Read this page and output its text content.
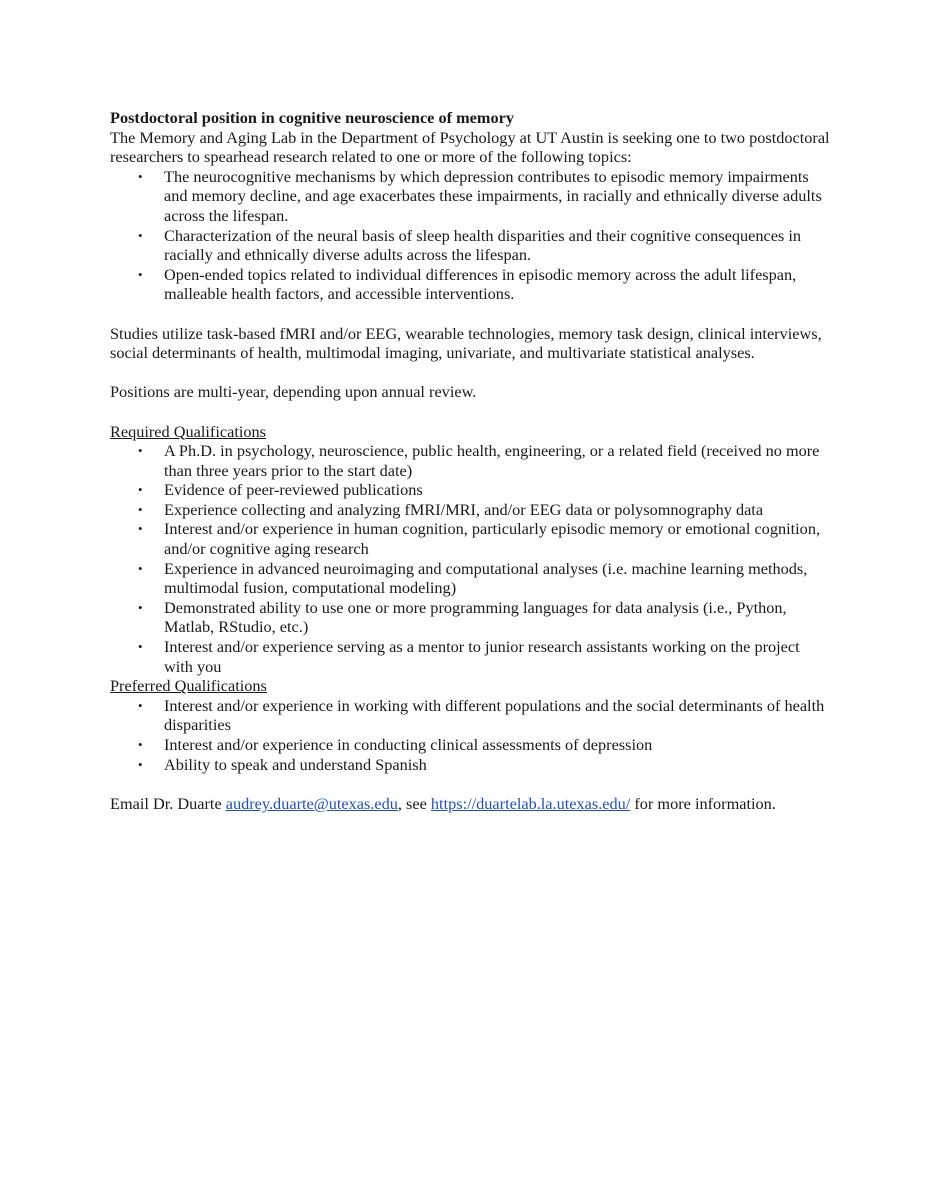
Postdoctoral position in cognitive neuroscience of memory

The Memory and Aging Lab in the Department of Psychology at UT Austin is seeking one to two postdoctoral researchers to spearhead research related to one or more of the following topics:

• The neurocognitive mechanisms by which depression contributes to episodic memory impairments and memory decline, and age exacerbates these impairments, in racially and ethnically diverse adults across the lifespan.
• Characterization of the neural basis of sleep health disparities and their cognitive consequences in racially and ethnically diverse adults across the lifespan.
• Open-ended topics related to individual differences in episodic memory across the adult lifespan, malleable health factors, and accessible interventions.

Studies utilize task-based fMRI and/or EEG, wearable technologies, memory task design, clinical interviews, social determinants of health, multimodal imaging, univariate, and multivariate statistical analyses.

Positions are multi-year, depending upon annual review.

Required Qualifications

• A Ph.D. in psychology, neuroscience, public health, engineering, or a related field (received no more than three years prior to the start date)
• Evidence of peer-reviewed publications
• Experience collecting and analyzing fMRI/MRI, and/or EEG data or polysomnography data
• Interest and/or experience in human cognition, particularly episodic memory or emotional cognition, and/or cognitive aging research
• Experience in advanced neuroimaging and computational analyses (i.e. machine learning methods, multimodal fusion, computational modeling)
• Demonstrated ability to use one or more programming languages for data analysis (i.e., Python, Matlab, RStudio, etc.)
• Interest and/or experience serving as a mentor to junior research assistants working on the project with you

Preferred Qualifications

• Interest and/or experience in working with different populations and the social determinants of health disparities
• Interest and/or experience in conducting clinical assessments of depression
• Ability to speak and understand Spanish

Email Dr. Duarte audrey.duarte@utexas.edu, see https://duartelab.la.utexas.edu/ for more information.
